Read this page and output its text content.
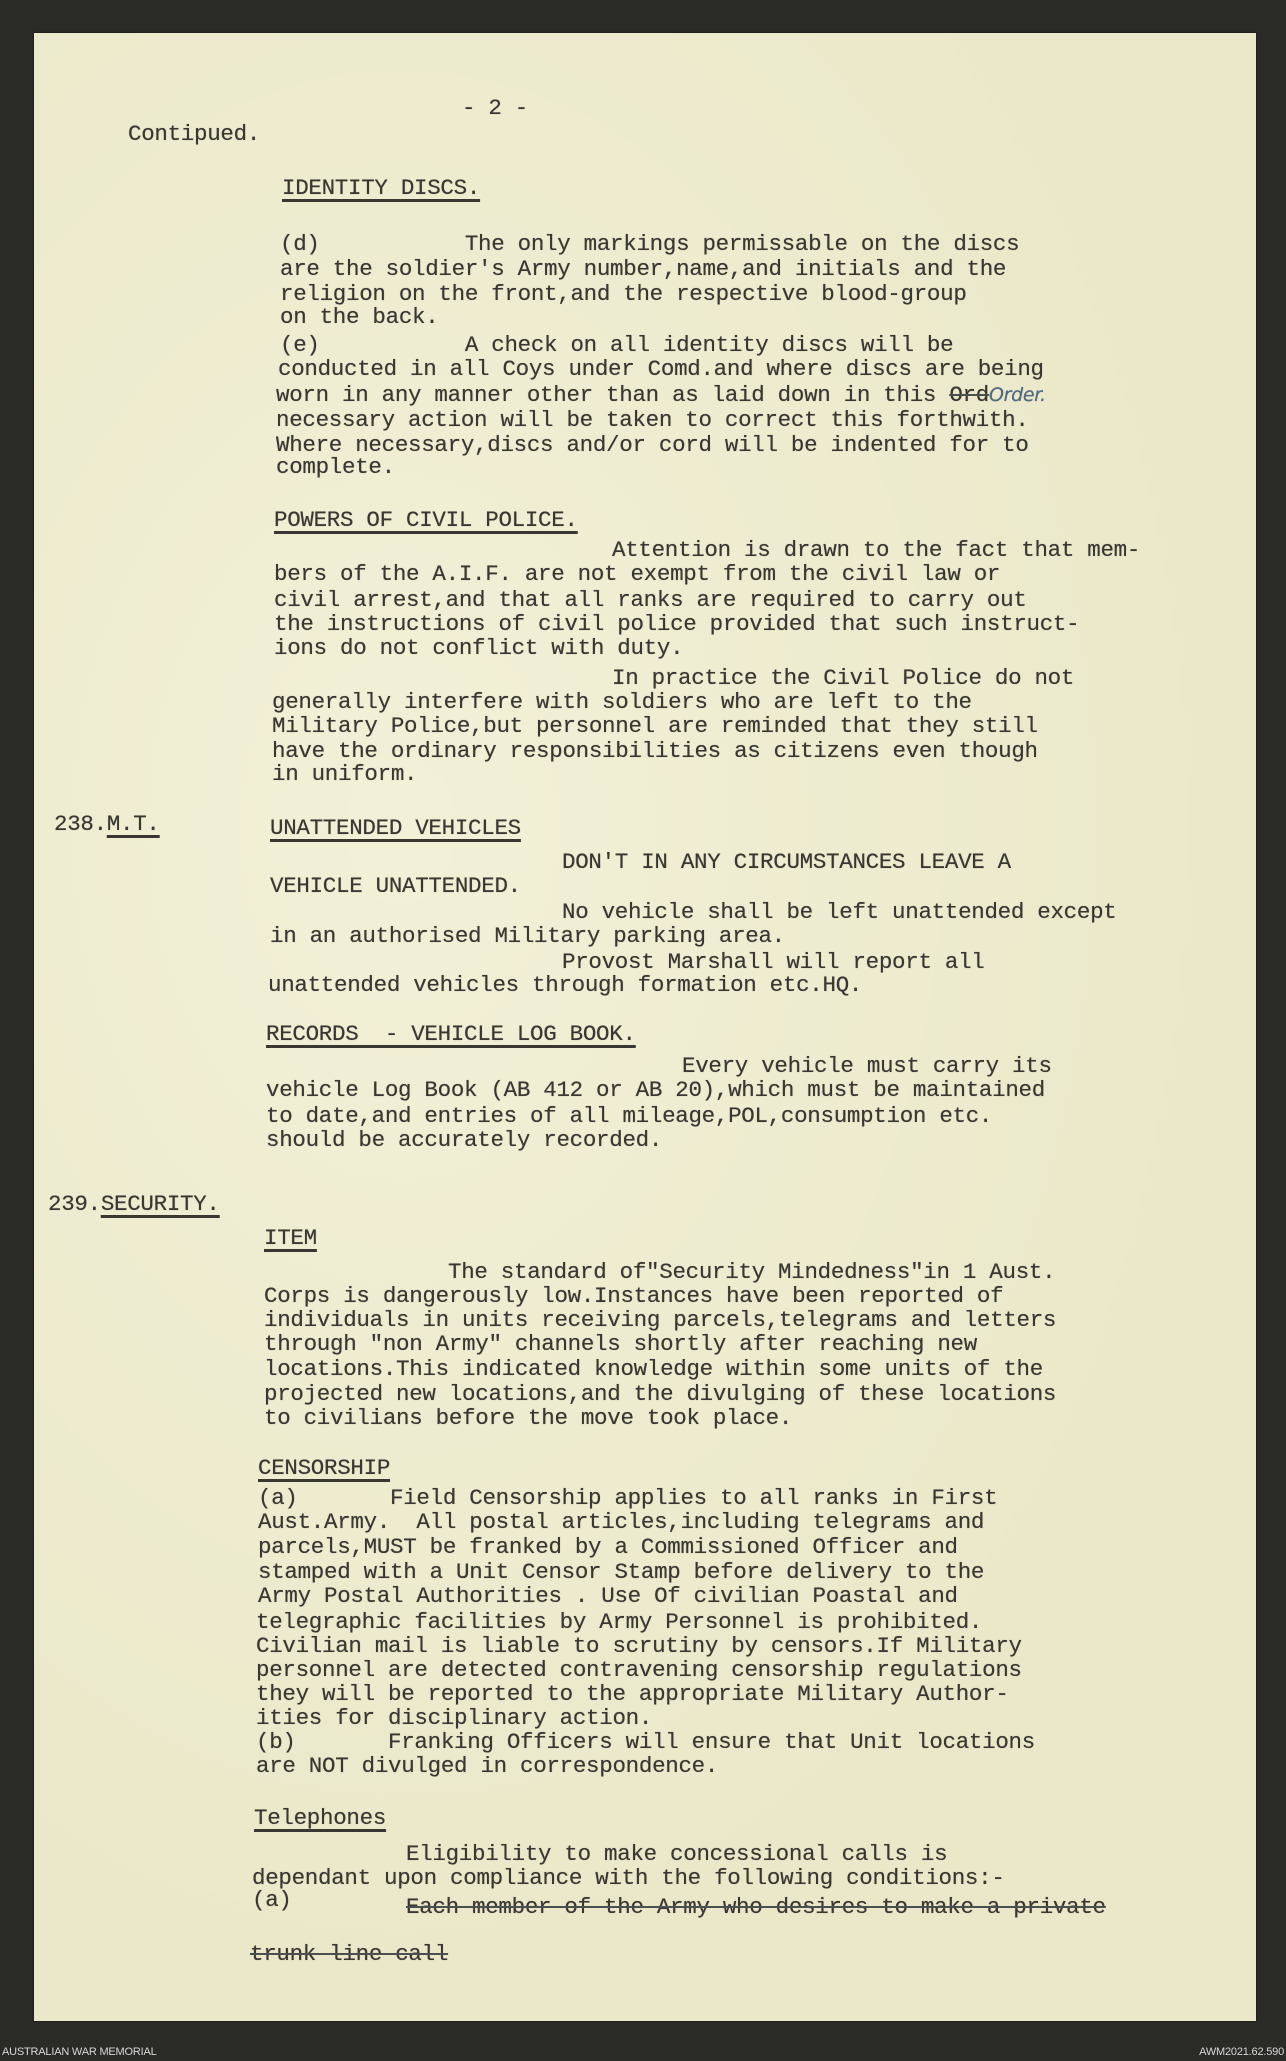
- 2 -

Contipued.

IDENTITY DISCS.

(d)           The only markings permissable on the discs

are the soldier's Army number,name,and initials and the

religion on the front,and the respective blood-group

on the back.

(e)           A check on all identity discs will be

conducted in all Coys under Comd.and where discs are being

worn in any manner other than as laid down in this OrdOrder.

necessary action will be taken to correct this forthwith.

Where necessary,discs and/or cord will be indented for to

complete.

POWERS OF CIVIL POLICE.

Attention is drawn to the fact that mem-

bers of the A.I.F. are not exempt from the civil law or

civil arrest,and that all ranks are required to carry out

the instructions of civil police provided that such instruct-

ions do not conflict with duty.

In practice the Civil Police do not

generally interfere with soldiers who are left to the

Military Police,but personnel are reminded that they still

have the ordinary responsibilities as citizens even though

in uniform.

238.M.T.	UNATTENDED VEHICLES

DON'T IN ANY CIRCUMSTANCES LEAVE A

VEHICLE UNATTENDED.

No vehicle shall be left unattended except

in an authorised Military parking area.

Provost Marshall will report all

unattended vehicles through formation etc.HQ.

RECORDS  - VEHICLE LOG BOOK.

Every vehicle must carry its

vehicle Log Book (AB 412 or AB 20),which must be maintained

to date,and entries of all mileage,POL,consumption etc.

should be accurately recorded.

239.SECURITY.

ITEM

The standard of"Security Mindedness"in 1 Aust.

Corps is dangerously low.Instances have been reported of

individuals in units receiving parcels,telegrams and letters

through "non Army" channels shortly after reaching new

locations.This indicated knowledge within some units of the

projected new locations,and the divulging of these locations

to civilians before the move took place.

CENSORSHIP

(a)       Field Censorship applies to all ranks in First

Aust.Army.  All postal articles,including telegrams and

parcels,MUST be franked by a Commissioned Officer and

stamped with a Unit Censor Stamp before delivery to the

Army Postal Authorities . Use Of civilian Poastal and

telegraphic facilities by Army Personnel is prohibited.

Civilian mail is liable to scrutiny by censors.If Military

personnel are detected contravening censorship regulations

they will be reported to the appropriate Military Author-

ities for disciplinary action.

(b)       Franking Officers will ensure that Unit locations

are NOT divulged in correspondence.

Telephones

Eligibility to make concessional calls is

dependant upon compliance with the following conditions:-

(a)	Each member of the Army who desires to make a private

trunk line call

AUSTRALIAN WAR MEMORIAL	AWM2021.62.590
